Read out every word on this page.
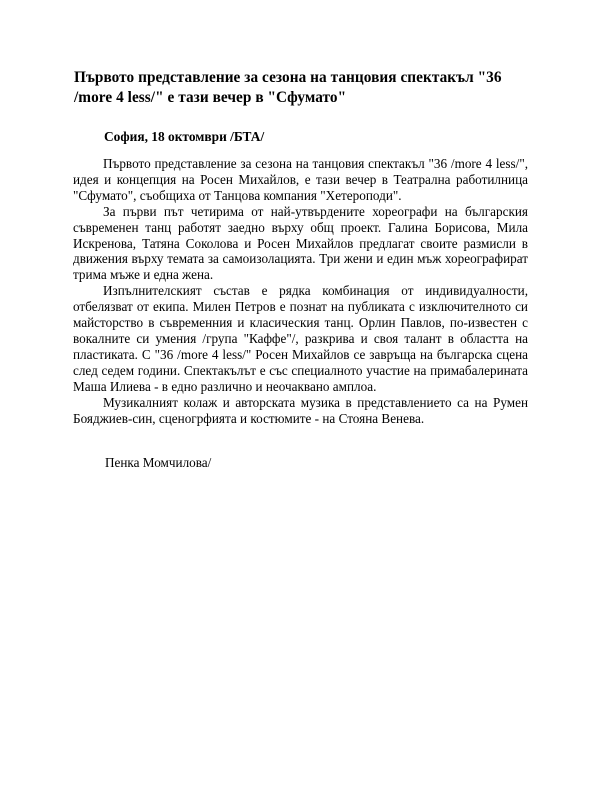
Първото представление за сезона на танцовия спектакъл "36 /more 4 less/" е тази вечер в "Сфумато"

София, 18 октомври /БТА/

Първото представление за сезона на танцовия спектакъл "36 /more 4 less/", идея и концепция на Росен Михайлов, е тази вечер в Театрална работилница "Сфумато", съобщиха от Танцова компания "Хетероподи".

За първи път четирима от най-утвърдените хореографи на българския съвременен танц работят заедно върху общ проект. Галина Борисова, Мила Искренова, Татяна Соколова и Росен Михайлов предлагат своите размисли в движения върху темата за самоизолацията. Три жени и един мъж хореографират трима мъже и една жена.

Изпълнителският състав е рядка комбинация от индивидуалности, отбелязват от екипа. Милен Петров е познат на публиката с изключителното си майсторство в съвременния и класическия танц. Орлин Павлов, по-известен с вокалните си умения /група "Каффе"/, разкрива и своя талант в областта на пластиката. С "36 /more 4 less/" Росен Михайлов се завръща на българска сцена след седем години. Спектакълът е със специалното участие на примабалерината Маша Илиева - в едно различно и неочаквано амплоа.

Музикалният колаж и авторската музика в представлението са на Румен Бояджиев-син, сценогрфията и костюмите - на Стояна Венева.

Пенка Момчилова/
